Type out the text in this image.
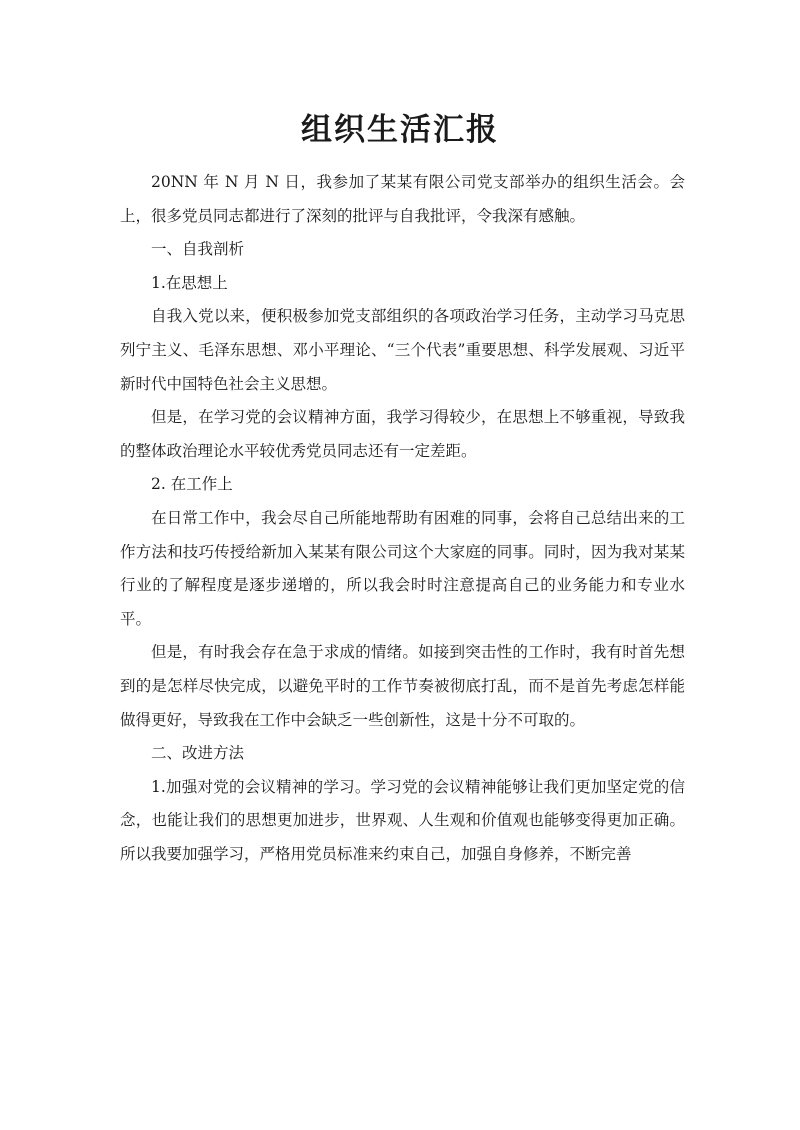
组织生活汇报

20NN 年 N 月 N 日，我参加了某某有限公司党支部举办的组织生活会。会上，很多党员同志都进行了深刻的批评与自我批评，令我深有感触。

一、自我剖析

1.在思想上

自我入党以来，便积极参加党支部组织的各项政治学习任务，主动学习马克思列宁主义、毛泽东思想、邓小平理论、“三个代表”重要思想、科学发展观、习近平新时代中国特色社会主义思想。

但是，在学习党的会议精神方面，我学习得较少，在思想上不够重视，导致我的整体政治理论水平较优秀党员同志还有一定差距。

2. 在工作上

在日常工作中，我会尽自己所能地帮助有困难的同事，会将自己总结出来的工作方法和技巧传授给新加入某某有限公司这个大家庭的同事。同时，因为我对某某行业的了解程度是逐步递增的，所以我会时时注意提高自己的业务能力和专业水平。

但是，有时我会存在急于求成的情绪。如接到突击性的工作时，我有时首先想到的是怎样尽快完成，以避免平时的工作节奏被彻底打乱，而不是首先考虑怎样能做得更好，导致我在工作中会缺乏一些创新性，这是十分不可取的。

二、改进方法

1.加强对党的会议精神的学习。学习党的会议精神能够让我们更加坚定党的信念，也能让我们的思想更加进步，世界观、人生观和价值观也能够变得更加正确。所以我要加强学习，严格用党员标准来约束自己，加强自身修养，不断完善
